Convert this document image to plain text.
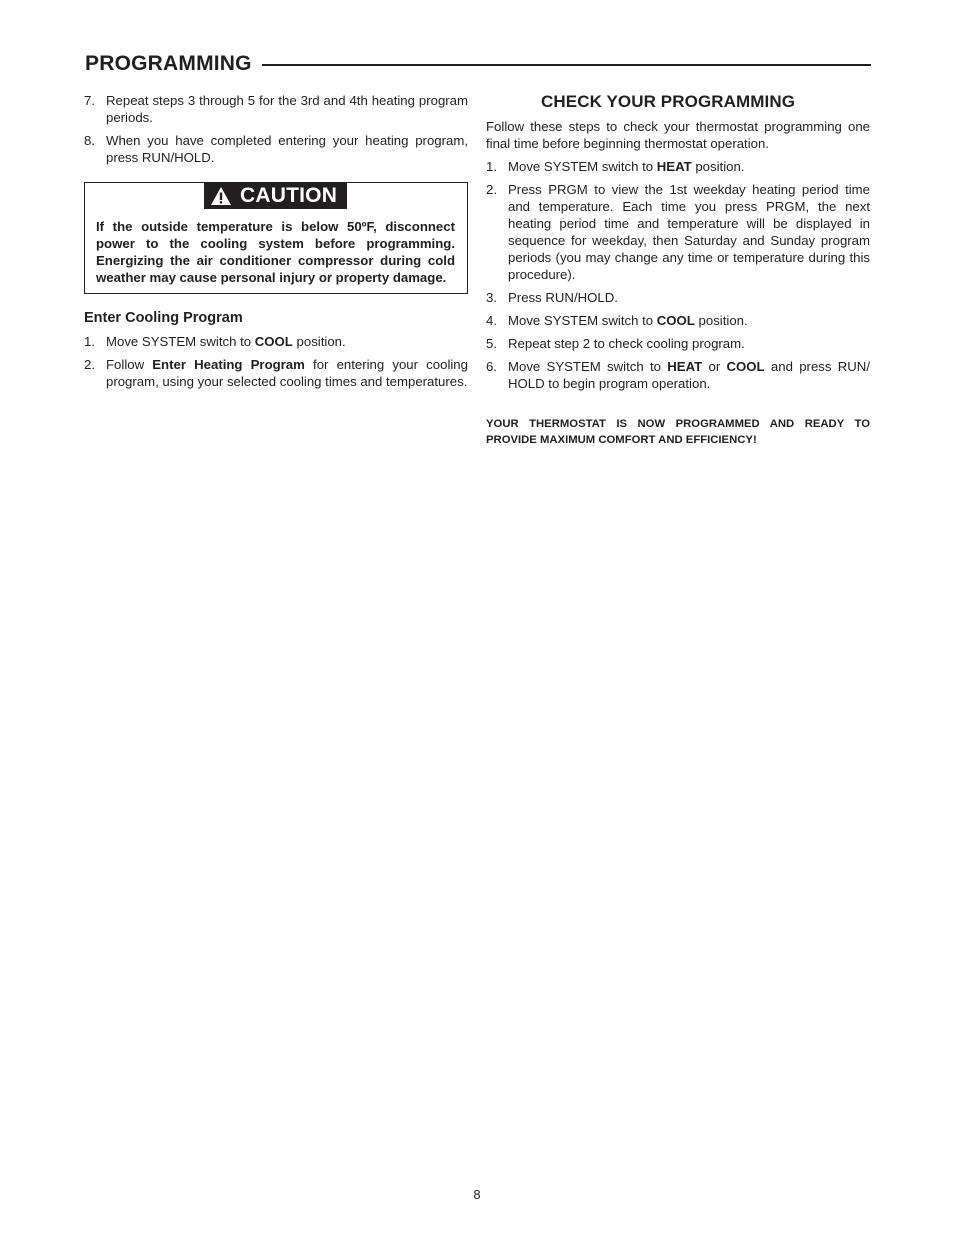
PROGRAMMING
7. Repeat steps 3 through 5 for the 3rd and 4th heating program periods.
8. When you have completed entering your heating program, press RUN/HOLD.
CAUTION
If the outside temperature is below 50ºF, disconnect power to the cooling system before programming. Energizing the air conditioner compressor during cold weather may cause personal injury or property damage.
Enter Cooling Program
1. Move SYSTEM switch to COOL position.
2. Follow Enter Heating Program for entering your cooling program, using your selected cooling times and temperatures.
CHECK YOUR PROGRAMMING
Follow these steps to check your thermostat programming one final time before beginning thermostat operation.
1. Move SYSTEM switch to HEAT position.
2. Press PRGM to view the 1st weekday heating period time and temperature. Each time you press PRGM, the next heating period time and temperature will be displayed in sequence for weekday, then Saturday and Sunday program periods (you may change any time or temperature during this procedure).
3. Press RUN/HOLD.
4. Move SYSTEM switch to COOL position.
5. Repeat step 2 to check cooling program.
6. Move SYSTEM switch to HEAT or COOL and press RUN/ HOLD to begin program operation.
YOUR THERMOSTAT IS NOW PROGRAMMED AND READY TO PROVIDE MAXIMUM COMFORT AND EFFICIENCY!
8
